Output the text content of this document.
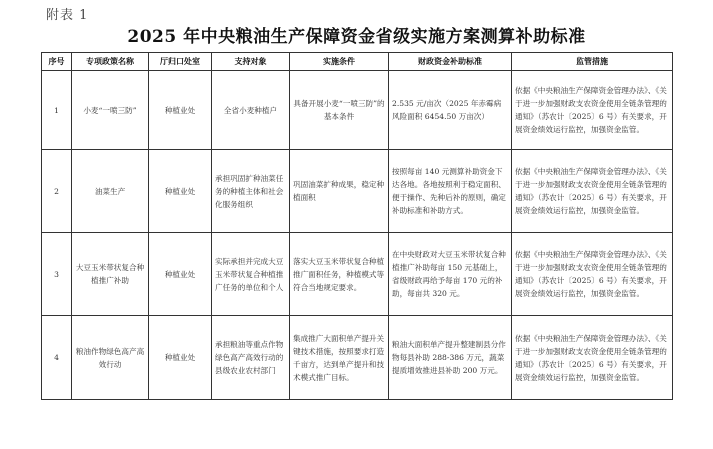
附表 1
2025 年中央粮油生产保障资金省级实施方案测算补助标准
序号	专项政策名称	厅归口处室	支持对象	实施条件	财政资金补助标准	监管措施
1	小麦“一喷三防”	种植业处	全省小麦种植户	具备开展小麦“一喷三防”的基本条件	2.535 元/亩次（2025 年赤霉病风险面积 6454.50 万亩次）	依据《中央粮油生产保障资金管理办法》、《关于进一步加强财政支农资金使用全链条管理的通知》（苏农计〔2025〕6 号）有关要求，开展资金绩效运行监控，加强资金监管。
2	油菜生产	种植业处	承担巩固扩种油菜任务的种植主体和社会化服务组织	巩固油菜扩种成果，稳定种植面积	按照每亩 140 元测算补助资金下达各地。各地按照利于稳定面积、便于操作、先种后补的原则，确定补助标准和补助方式。	依据《中央粮油生产保障资金管理办法》、《关于进一步加强财政支农资金使用全链条管理的通知》（苏农计〔2025〕6 号）有关要求，开展资金绩效运行监控，加强资金监管。
3	大豆玉米带状复合种植推广补助	种植业处	实际承担并完成大豆玉米带状复合种植推广任务的单位和个人	落实大豆玉米带状复合种植推广面积任务，种植模式等符合当地规定要求。	在中央财政对大豆玉米带状复合种植推广补助每亩 150 元基础上，省级财政再给予每亩 170 元的补助，每亩共 320 元。	依据《中央粮油生产保障资金管理办法》、《关于进一步加强财政支农资金使用全链条管理的通知》（苏农计〔2025〕6 号）有关要求，开展资金绩效运行监控，加强资金监管。
4	粮油作物绿色高产高效行动	种植业处	承担粮油等重点作物绿色高产高效行动的县级农业农村部门	集成推广大面积单产提升关键技术措施，按照要求打造千亩方，达到单产提升和技术模式推广目标。	粮油大面积单产提升整建制县分作物每县补助 288-386 万元，蔬菜提质增效推进县补助 200 万元。	依据《中央粮油生产保障资金管理办法》、《关于进一步加强财政支农资金使用全链条管理的通知》（苏农计〔2025〕6 号）有关要求，开展资金绩效运行监控，加强资金监管。
